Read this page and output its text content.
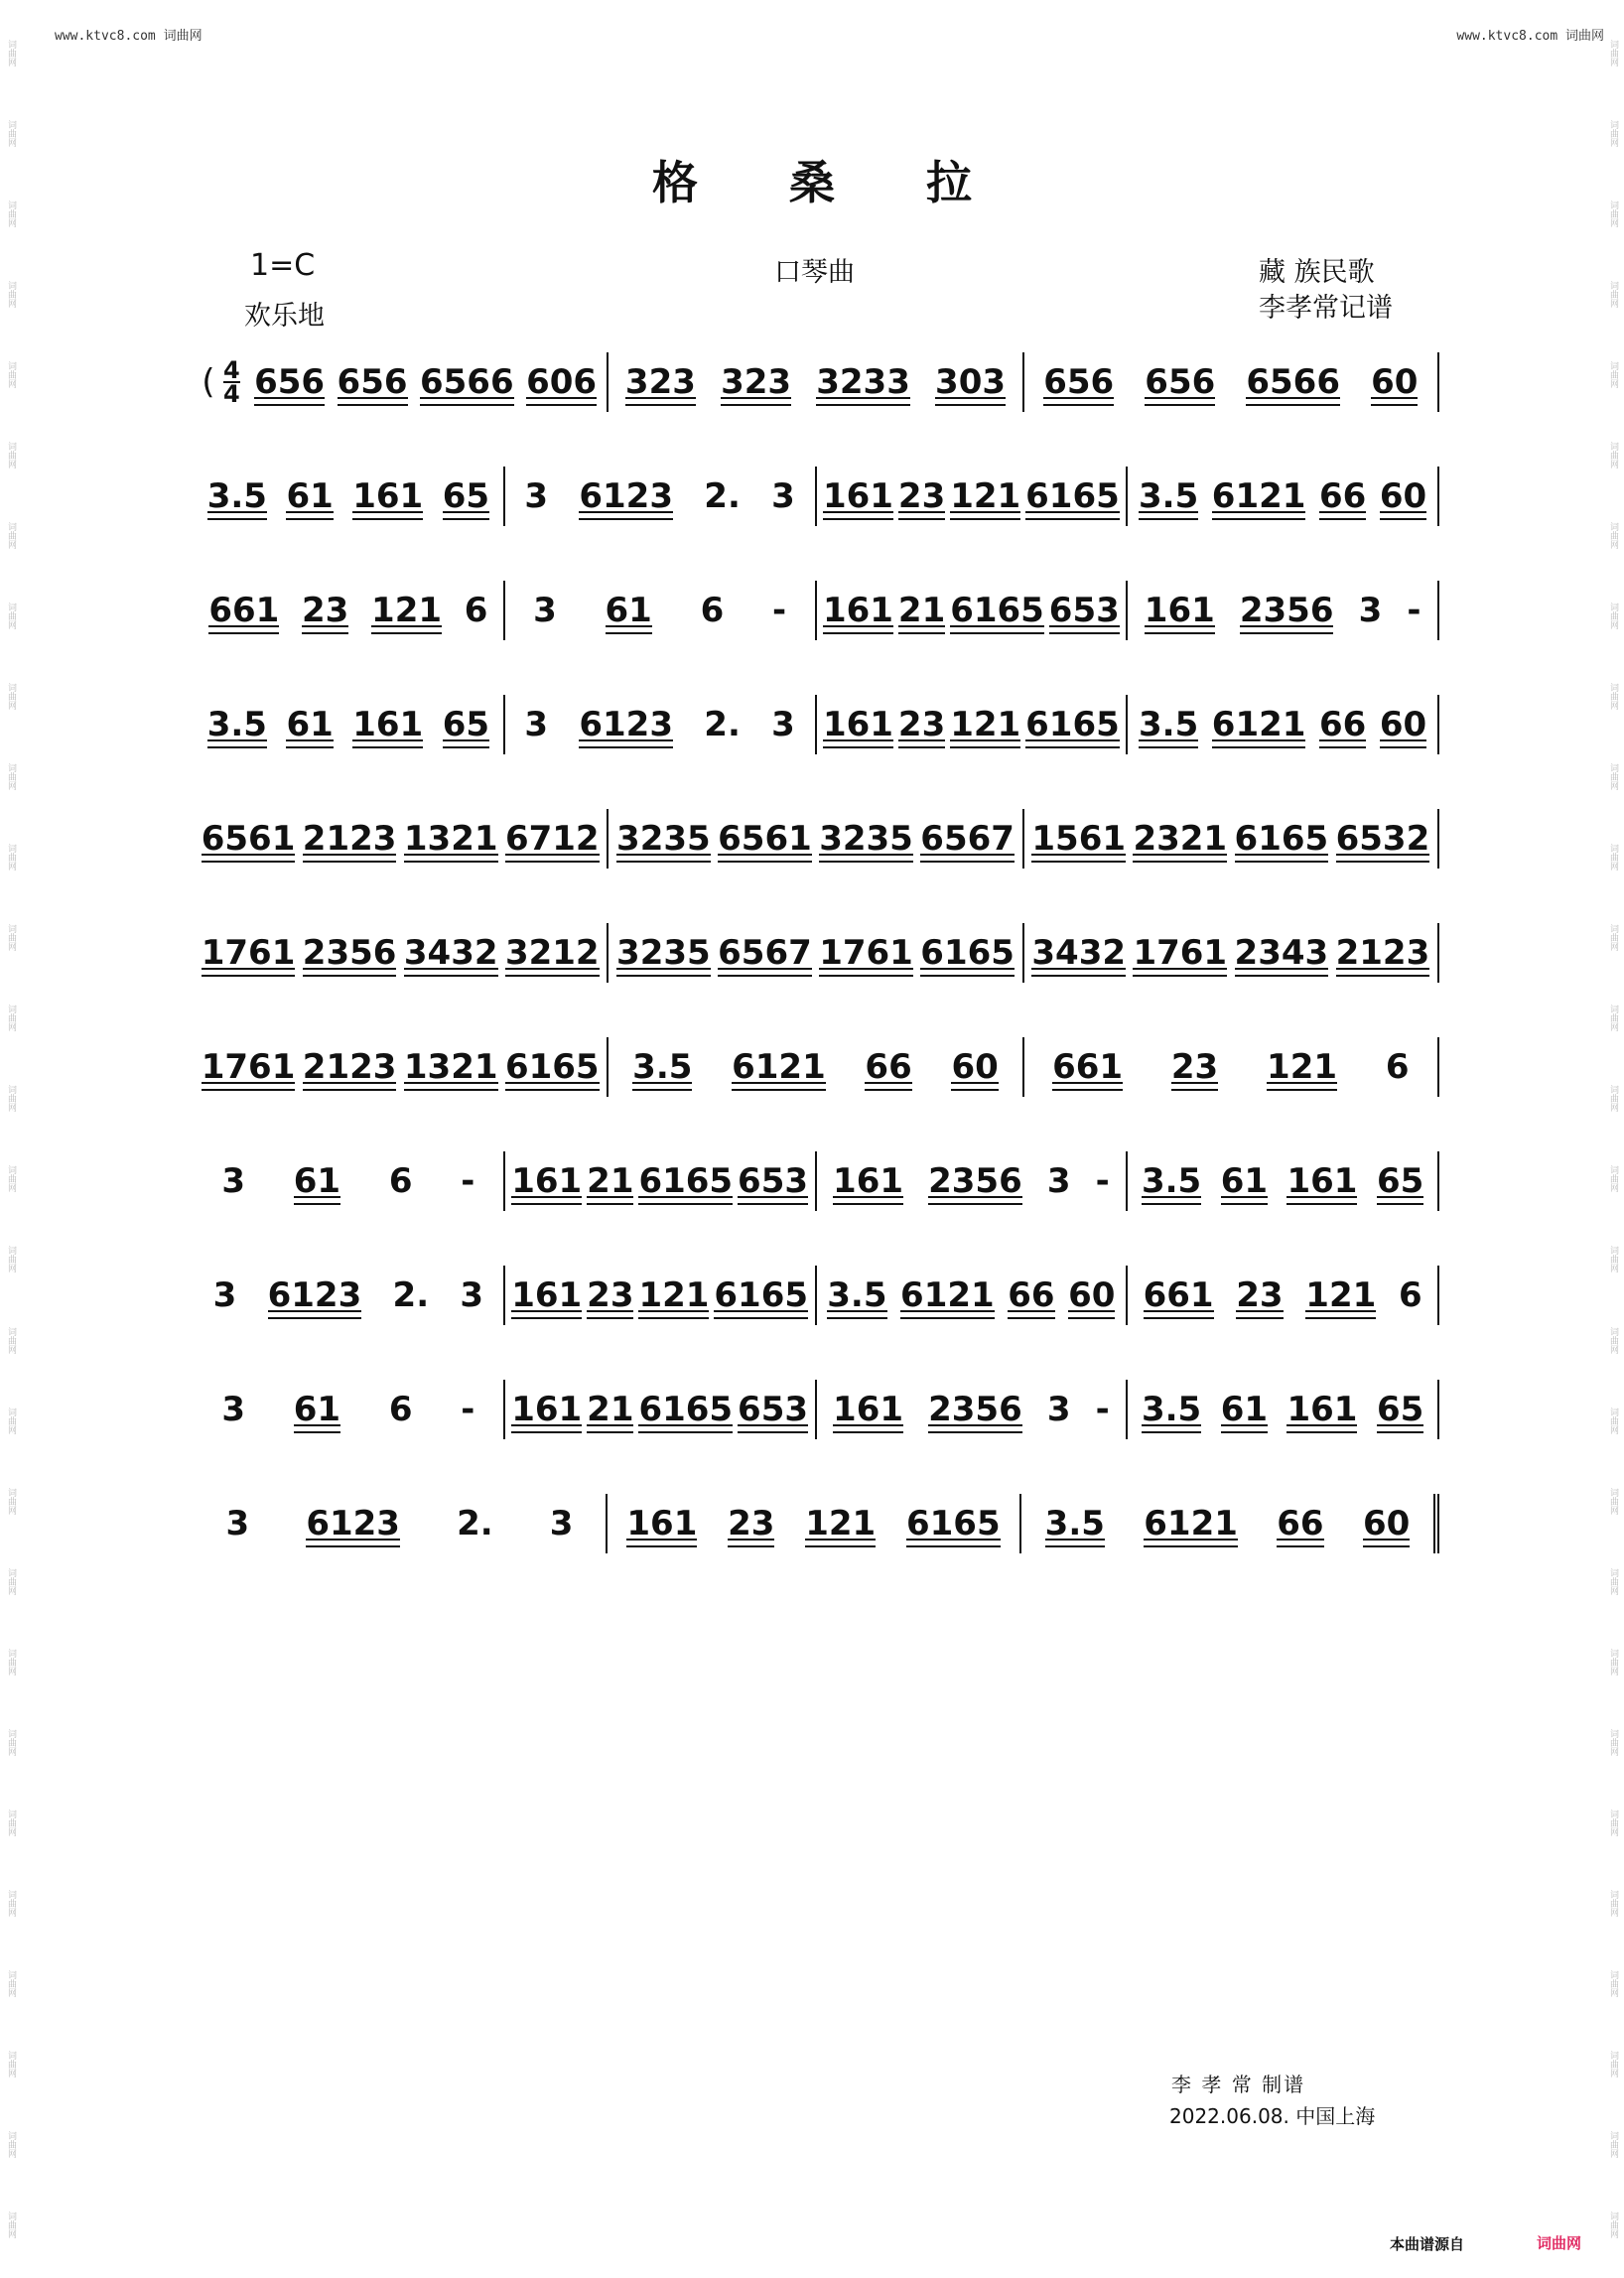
www.ktvc8.com 词曲网	www.ktvc8.com 词曲网
词曲网
词曲网
词曲网
词曲网
词曲网
词曲网
词曲网
词曲网
词曲网
词曲网
词曲网
词曲网
词曲网
词曲网
词曲网
词曲网
词曲网
词曲网
词曲网
词曲网
词曲网
词曲网
词曲网
词曲网
词曲网
词曲网
词曲网
词曲网
词曲网
词曲网
词曲网
词曲网
词曲网
词曲网
词曲网
词曲网
词曲网
词曲网
词曲网
词曲网
词曲网
词曲网
词曲网
词曲网
词曲网
词曲网
词曲网
词曲网
词曲网
词曲网
词曲网
词曲网
词曲网
词曲网
词曲网
词曲网
格 桑 拉
1=C
欢乐地
口琴曲	藏 族民歌
李孝常记谱
( 4
4 656 656 6566 606 323 323 3233 303 656 656 6566 60
3.5 61 161 65 3 6123 2. 3 161 23 121 6165 3.5 6121 66 60
661 23 121 6 3 61 6 - 161 21 6165 653 161 2356 3 -
3.5 61 161 65 3 6123 2. 3 161 23 121 6165 3.5 6121 66 60
6561 2123 1321 6712 3235 6561 3235 6567 1561 2321 6165 6532
1761 2356 3432 3212 3235 6567 1761 6165 3432 1761 2343 2123
1761 2123 1321 6165 3.5 6121 66 60 661 23 121 6
3 61 6 - 161 21 6165 653 161 2356 3 - 3.5 61 161 65
3 6123 2. 3 161 23 121 6165 3.5 6121 66 60 661 23 121 6
3 61 6 - 161 21 6165 653 161 2356 3 - 3.5 61 161 65
3 6123 2. 3 161 23 121 6165 3.5 6121 66 60
李 孝 常 制谱
2022.06.08. 中国上海
本曲谱源自	词曲网
